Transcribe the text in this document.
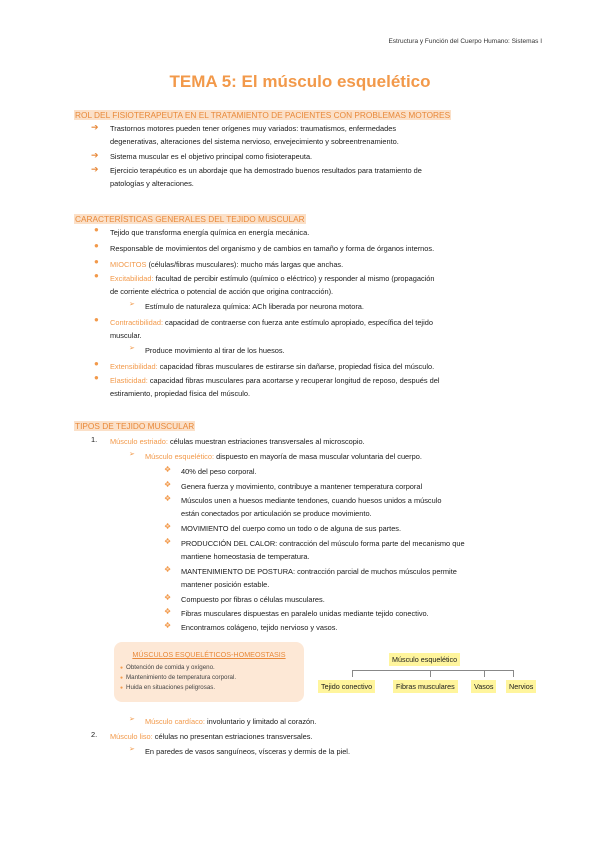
Estructura y Función del Cuerpo Humano: Sistemas I
TEMA 5: El músculo esquelético
ROL DEL FISIOTERAPEUTA EN EL TRATAMIENTO DE PACIENTES CON PROBLEMAS MOTORES
➔ Trastornos motores pueden tener orígenes muy variados: traumatismos, enfermedades
degenerativas, alteraciones del sistema nervioso, envejecimiento y sobreentrenamiento.
➔ Sistema muscular es el objetivo principal como fisioterapeuta.
➔ Ejercicio terapéutico es un abordaje que ha demostrado buenos resultados para tratamiento de
patologías y alteraciones.
CARACTERÍSTICAS GENERALES DEL TEJIDO MUSCULAR
● Tejido que transforma energía química en energía mecánica.
● Responsable de movimientos del organismo y de cambios en tamaño y forma de órganos internos.
● MIOCITOS (células/fibras musculares): mucho más largas que anchas.
● Excitabilidad: facultad de percibir estímulo (químico o eléctrico) y responder al mismo (propagación
de corriente eléctrica o potencial de acción que origina contracción).
➢ Estímulo de naturaleza química: ACh liberada por neurona motora.
● Contractibilidad: capacidad de contraerse con fuerza ante estímulo apropiado, específica del tejido
muscular.
➢ Produce movimiento al tirar de los huesos.
● Extensibilidad: capacidad fibras musculares de estirarse sin dañarse, propiedad física del músculo.
● Elasticidad: capacidad fibras musculares para acortarse y recuperar longitud de reposo, después del
estiramiento, propiedad física del músculo.
TIPOS DE TEJIDO MUSCULAR
1. Músculo estriado: células muestran estriaciones transversales al microscopio.
➢ Músculo esquelético: dispuesto en mayoría de masa muscular voluntaria del cuerpo.
❖ 40% del peso corporal.
❖ Genera fuerza y movimiento, contribuye a mantener temperatura corporal
❖ Músculos unen a huesos mediante tendones, cuando huesos unidos a músculo
están conectados por articulación se produce movimiento.
❖ MOVIMIENTO del cuerpo como un todo o de alguna de sus partes.
❖ PRODUCCIÓN DEL CALOR: contracción del músculo forma parte del mecanismo que
mantiene homeostasia de temperatura.
❖ MANTENIMIENTO DE POSTURA: contracción parcial de muchos músculos permite
mantener posición estable.
❖ Compuesto por fibras o células musculares.
❖ Fibras musculares dispuestas en paralelo unidas mediante tejido conectivo.
❖ Encontramos colágeno, tejido nervioso y vasos.
MÚSCULOS ESQUELÉTICOS-HOMEOSTASIS
● Obtención de comida y oxígeno.
● Mantenimiento de temperatura corporal.
● Huida en situaciones peligrosas.
Músculo esquelético
Tejido conectivo	Fibras musculares	Vasos	Nervios
➢ Músculo cardíaco: involuntario y limitado al corazón.
2. Músculo liso: células no presentan estriaciones transversales.
➢ En paredes de vasos sanguíneos, vísceras y dermis de la piel.
